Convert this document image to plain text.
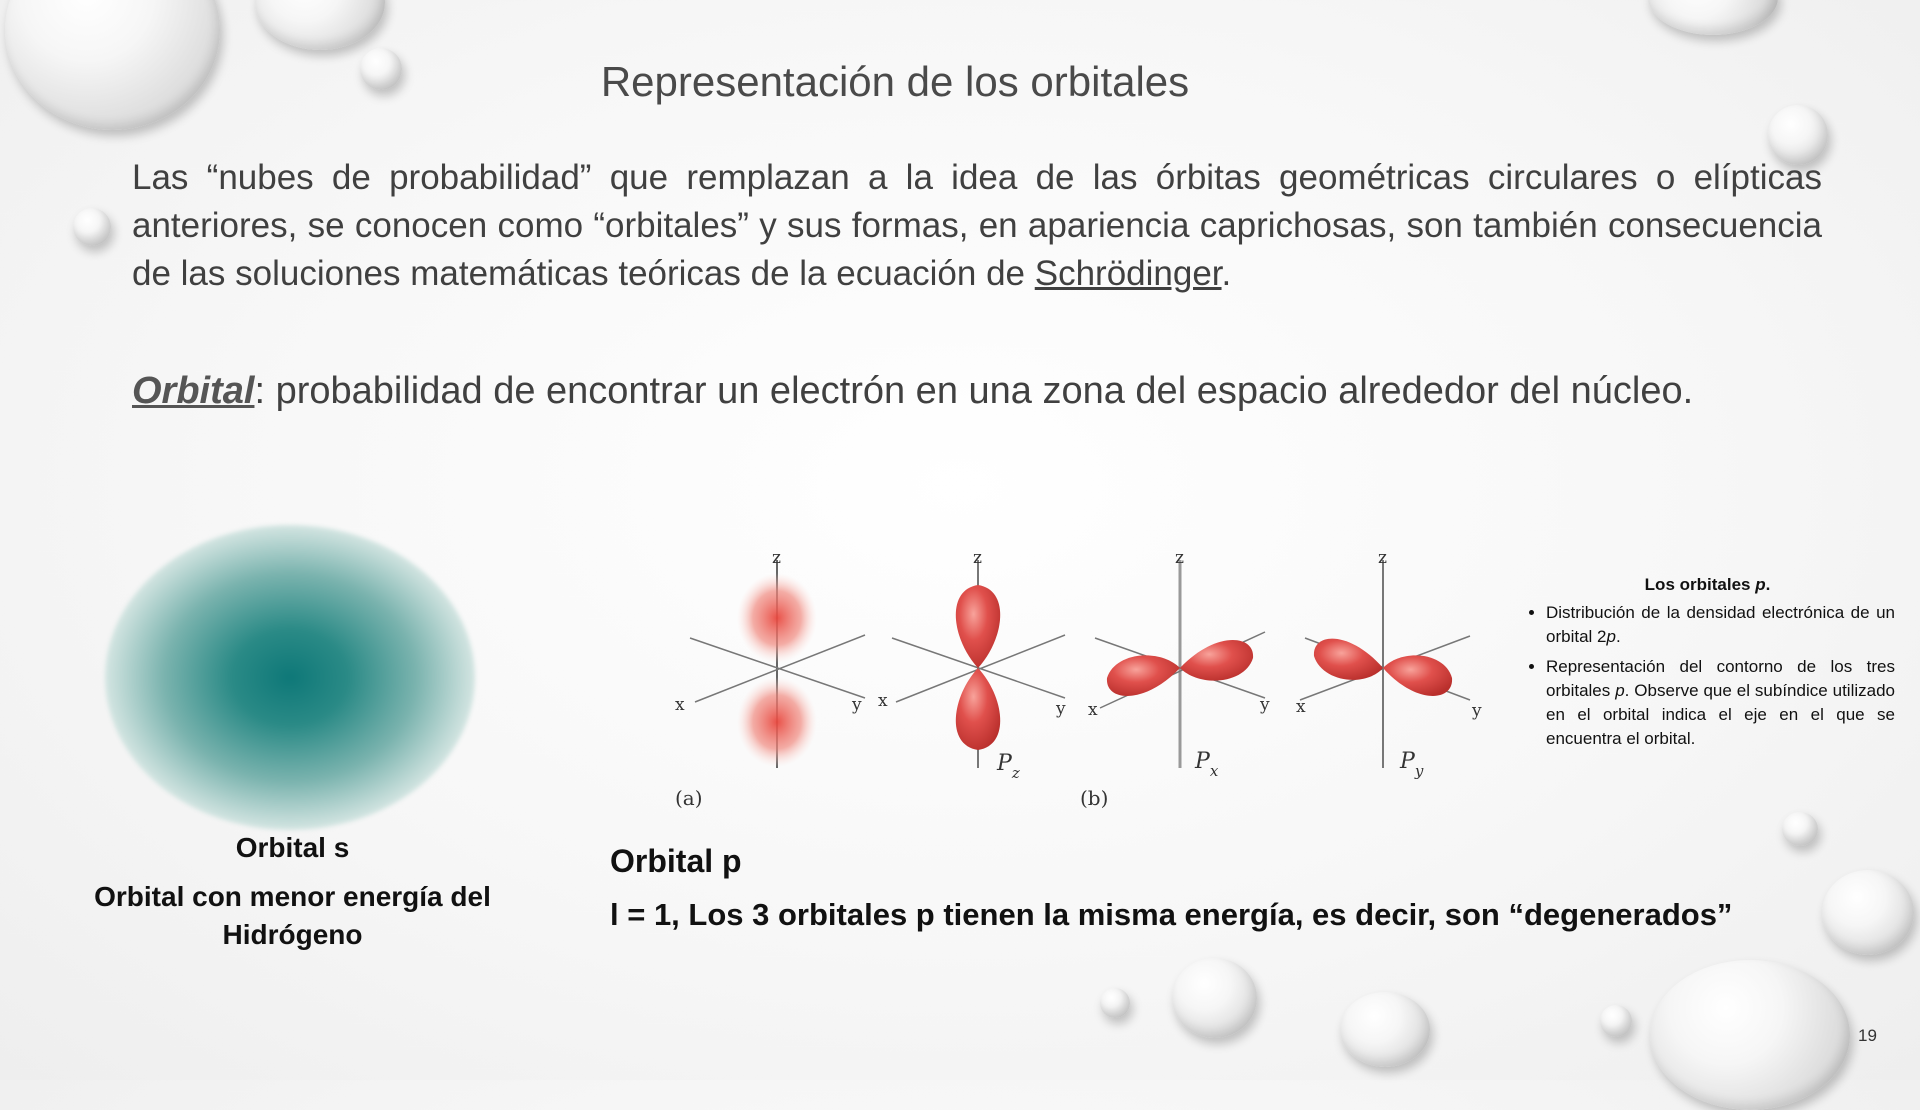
Representación de los orbitales

Las “nubes de probabilidad” que remplazan a la idea de las órbitas geométricas circulares o elípticas anteriores, se conocen como “orbitales” y sus formas, en apariencia caprichosas, son también consecuencia de las soluciones matemáticas teóricas de la ecuación de Schrödinger.

Orbital: probabilidad de encontrar un electrón en una zona del espacio alrededor del núcleo.

Orbital s

Orbital con menor energía del Hidrógeno

z
x	y
(a)
z
x	y
$P_z$
z
x	y
$P_x$
(b)
z
x	y
$P_y$

Los orbitales p.

• Distribución de la densidad electrónica de un orbital 2p.
• Representación del contorno de los tres orbitales p. Observe que el subíndice utilizado en el orbital indica el eje en el que se encuentra el orbital.

Orbital p

l = 1, Los 3 orbitales p tienen la misma energía, es decir, son “degenerados”

19
